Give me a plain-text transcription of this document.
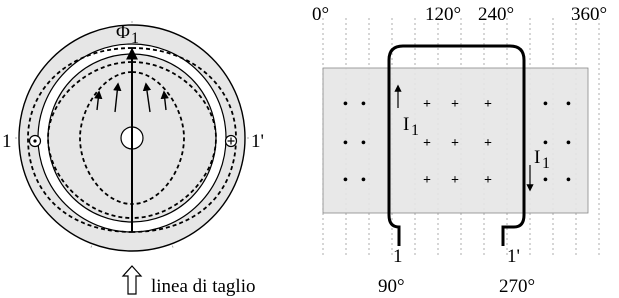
Φ 1
1	1'
linea di taglio
• •
• •
• •
• •
• •
• •
+ + +
+ + +
+ + +
0°	120° 240°	360°
90°	270°
I 1
I 1
1	1'
